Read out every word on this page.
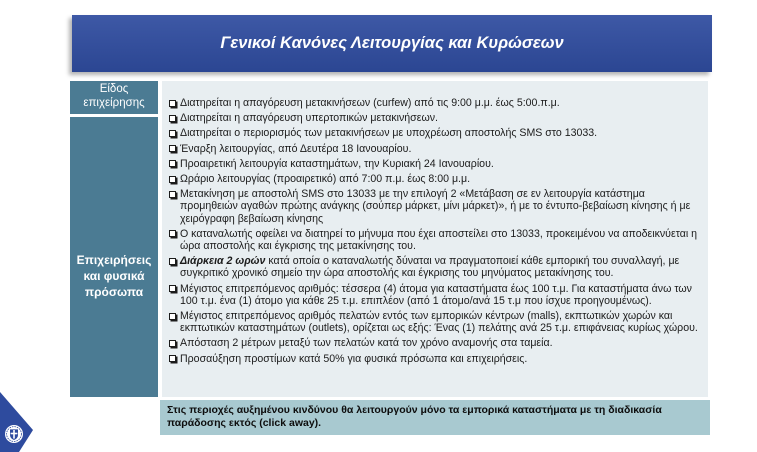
Γενικοί Κανόνες Λειτουργίας και Κυρώσεων
Είδος επιχείρησης
Επιχειρήσεις και φυσικά πρόσωπα
Διατηρείται η απαγόρευση μετακινήσεων (curfew) από τις 9:00 μ.μ. έως 5:00.π.μ.
Διατηρείται η απαγόρευση υπερτοπικών μετακινήσεων.
Διατηρείται ο περιορισμός των μετακινήσεων με υποχρέωση αποστολής SMS στο 13033.
Έναρξη λειτουργίας, από Δευτέρα 18 Ιανουαρίου.
Προαιρετική λειτουργία καταστημάτων, την Κυριακή 24 Ιανουαρίου.
Ωράριο λειτουργίας (προαιρετικό) από 7:00 π.μ. έως 8:00 μ.μ.
Μετακίνηση με αποστολή SMS στο 13033 με την επιλογή 2 «Μετάβαση σε εν λειτουργία κατάστημα προμηθειών αγαθών πρώτης ανάγκης (σούπερ μάρκετ, μίνι μάρκετ)», ή με το έντυπο-βεβαίωση κίνησης ή με χειρόγραφη βεβαίωση κίνησης
Ο καταναλωτής οφείλει να διατηρεί το μήνυμα που έχει αποστείλει στο 13033, προκειμένου να αποδεικνύεται η ώρα αποστολής και έγκρισης της μετακίνησης του.
Διάρκεια 2 ωρών κατά οποία ο καταναλωτής δύναται να πραγματοποιεί κάθε εμπορική του συναλλαγή, με συγκριτικό χρονικό σημείο την ώρα αποστολής και έγκρισης του μηνύματος μετακίνησης του.
Μέγιστος επιτρεπόμενος αριθμός: τέσσερα (4) άτομα για καταστήματα έως 100 τ.μ. Για καταστήματα άνω των 100 τ.μ. ένα (1) άτομο για κάθε 25 τ.μ. επιπλέον (από 1 άτομο/ανά 15 τ.μ που ίσχυε προηγουμένως).
Μέγιστος επιτρεπόμενος αριθμός πελατών εντός των εμπορικών κέντρων (malls), εκπτωτικών χωρών και εκπτωτικών καταστημάτων (outlets), ορίζεται ως εξής: Ένας (1) πελάτης ανά 25 τ.μ. επιφάνειας κυρίως χώρου.
Απόσταση 2 μέτρων μεταξύ των πελατών κατά τον χρόνο αναμονής στα ταμεία.
Προσαύξηση προστίμων κατά 50% για φυσικά πρόσωπα και επιχειρήσεις.
Στις περιοχές αυξημένου κινδύνου θα λειτουργούν μόνο τα εμπορικά καταστήματα με τη διαδικασία παράδοσης εκτός (click away).
